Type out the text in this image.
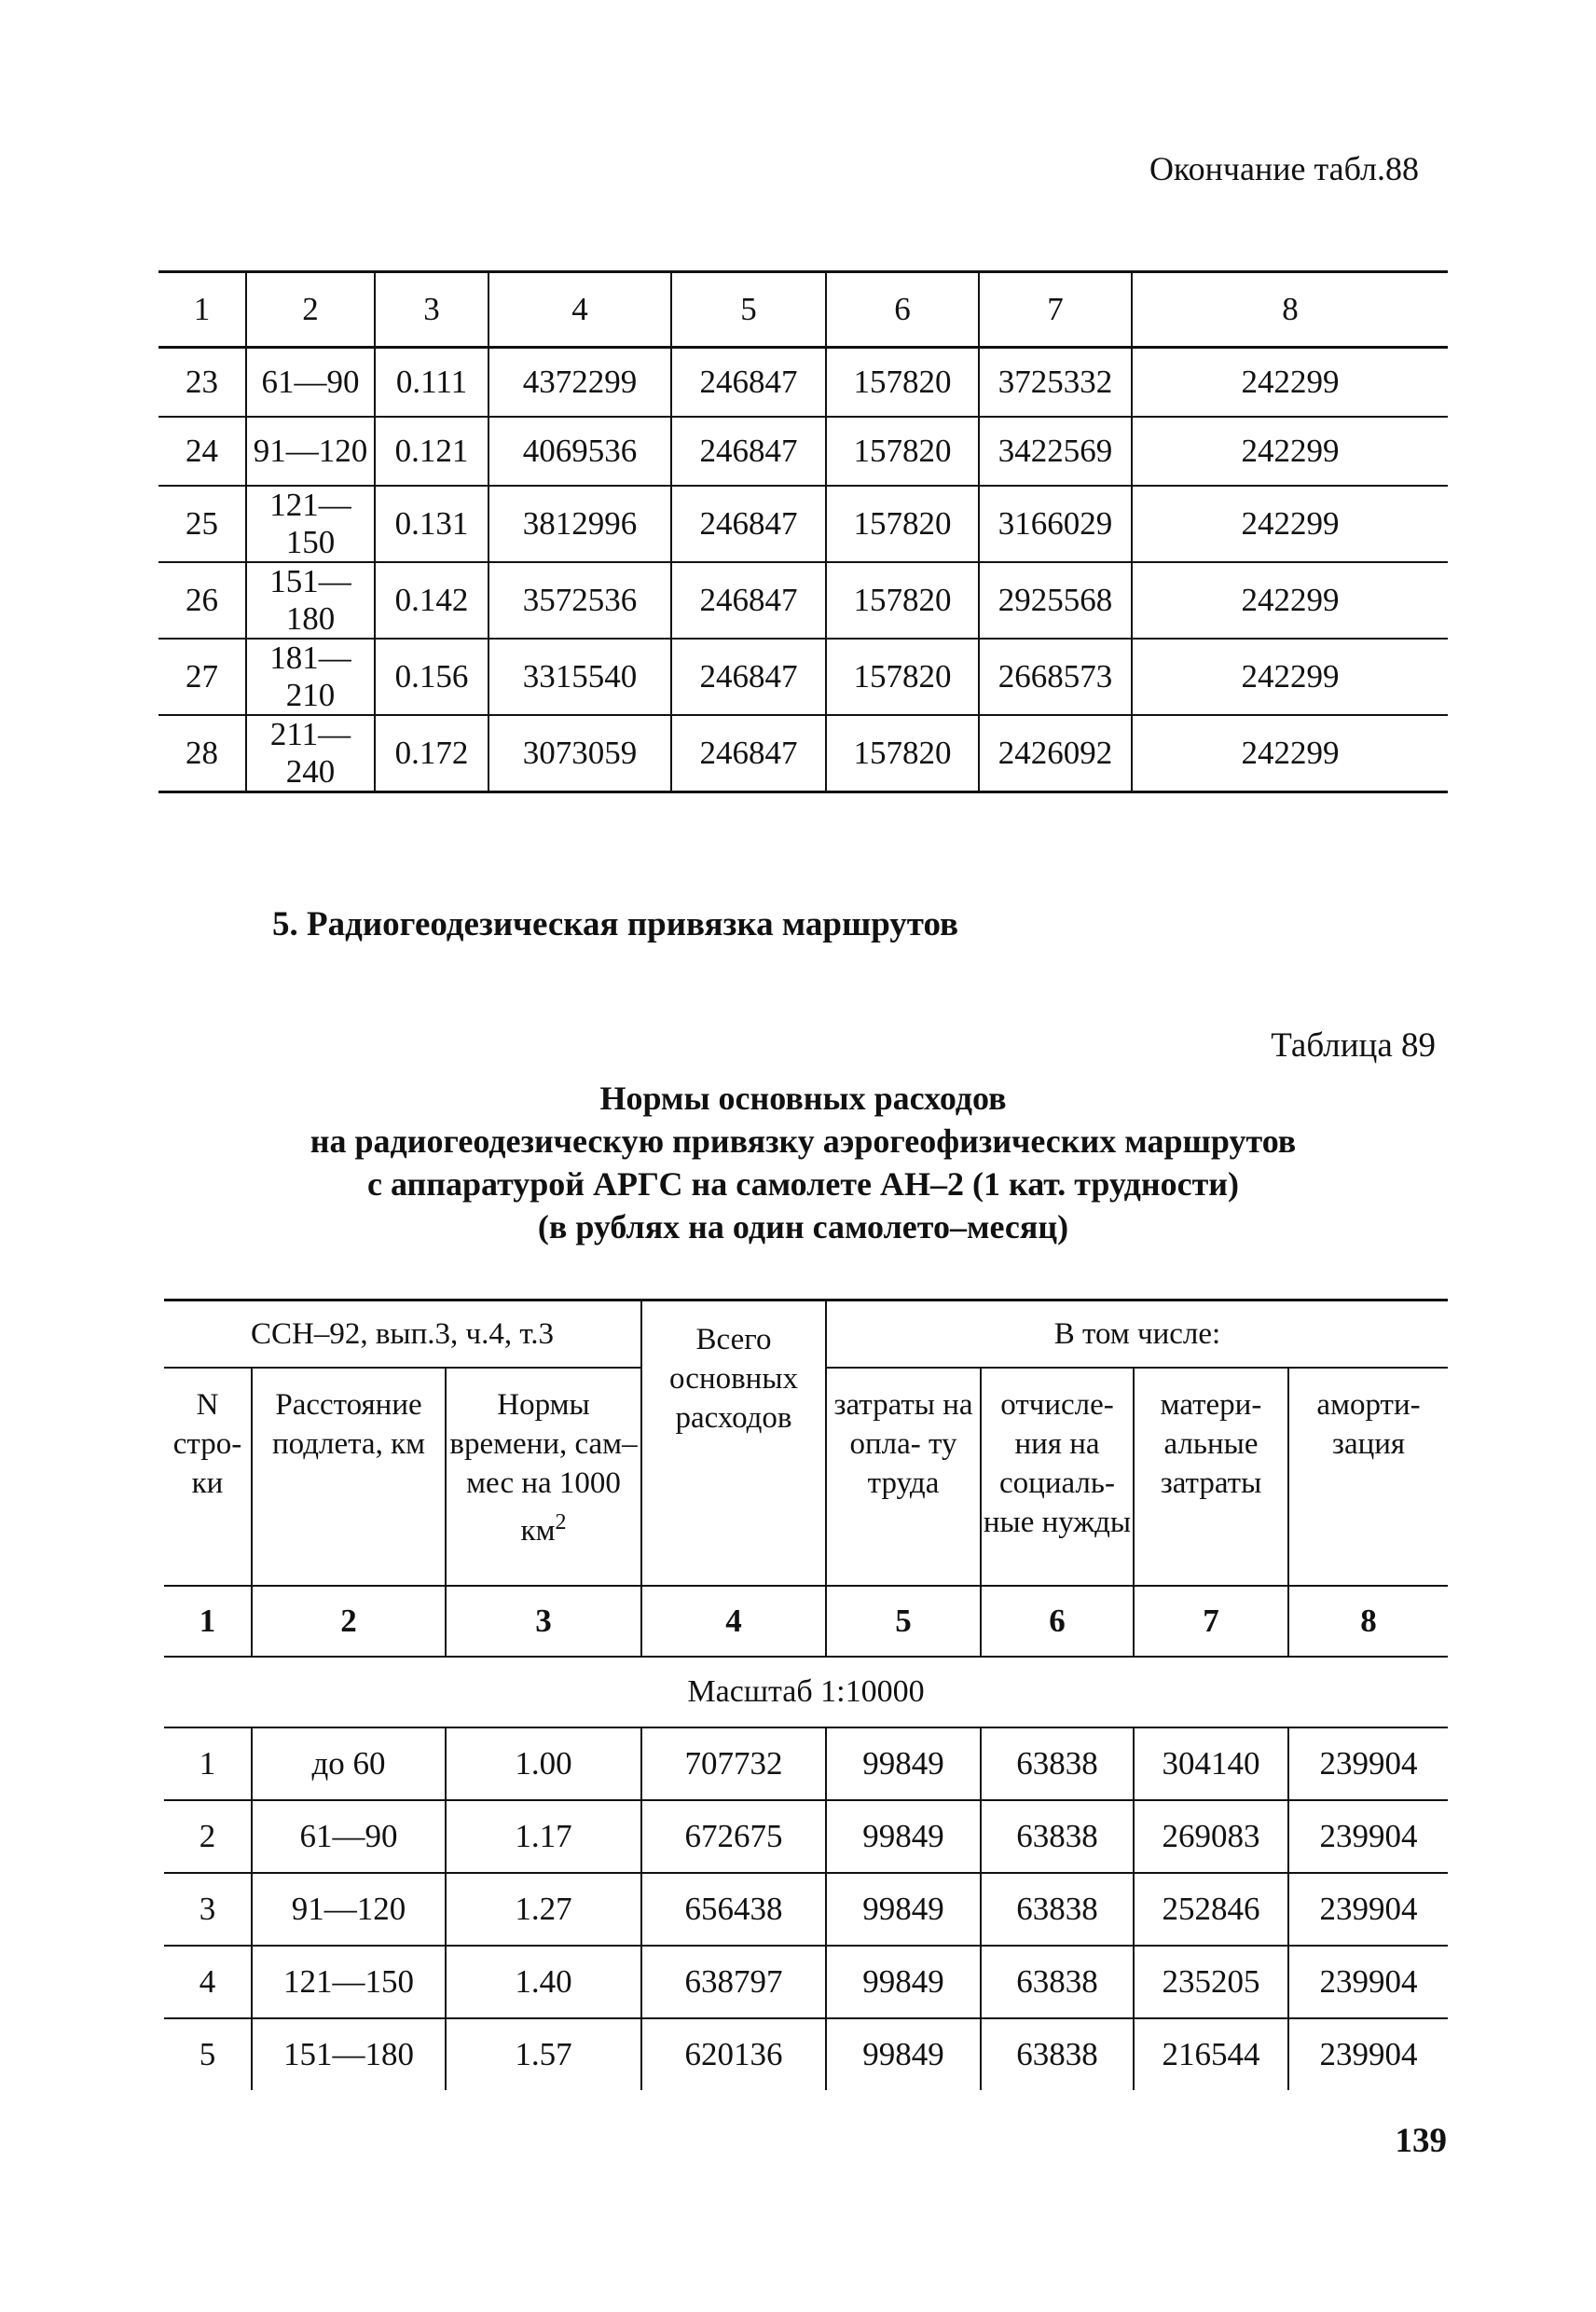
Окончание табл.88
1	2	3	4	5	6	7	8
23	61—90	0.111	4372299	246847	157820	3725332	242299
24	91—120	0.121	4069536	246847	157820	3422569	242299
25	121—150	0.131	3812996	246847	157820	3166029	242299
26	151—180	0.142	3572536	246847	157820	2925568	242299
27	181—210	0.156	3315540	246847	157820	2668573	242299
28	211—240	0.172	3073059	246847	157820	2426092	242299
5. Радиогеодезическая привязка маршрутов
Таблица 89
Нормы основных расходов
на радиогеодезическую привязку аэрогеофизических маршрутов
с аппаратурой АРГС на самолете АН–2 (1 кат. трудности)
(в рублях на один самолето–месяц)
ССН–92, вып.3, ч.4, т.3			Всего основных расходов	В том числе:			
N стро- ки	Расстояние подлета, км	Нормы времени, сам–мес на 1000 $км^2$		затраты на опла- ту труда	отчисле- ния на социаль- ные нужды	матери- альные затраты	аморти- зация
1	2	3	4	5	6	7	8
Масштаб 1:10000							
1	до 60	1.00	707732	99849	63838	304140	239904
2	61—90	1.17	672675	99849	63838	269083	239904
3	91—120	1.27	656438	99849	63838	252846	239904
4	121—150	1.40	638797	99849	63838	235205	239904
5	151—180	1.57	620136	99849	63838	216544	239904
139
